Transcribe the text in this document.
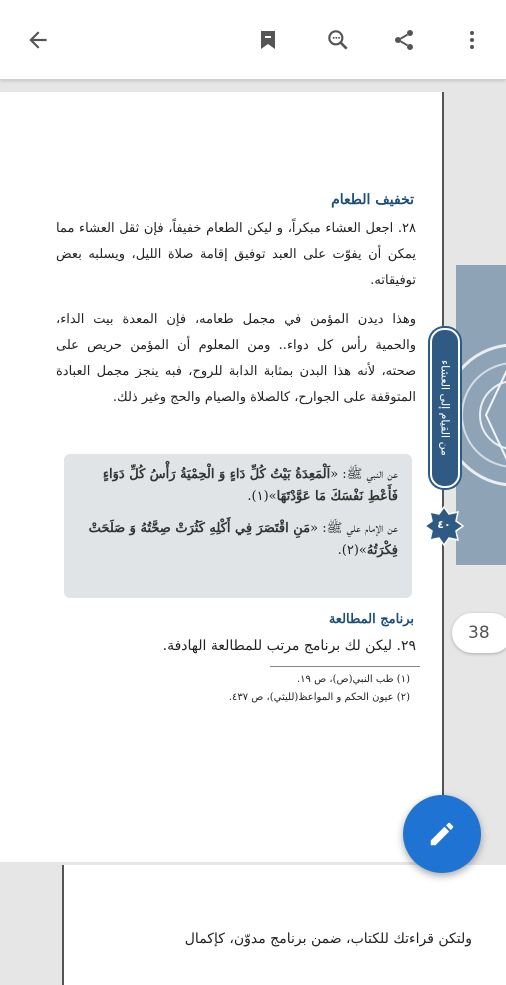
تخفيف الطعام
٢٨. اجعل العشاء مبكراً، و ليكن الطعام خفيفاً، فإن ثقل العشاء مما يمكن أن يفوّت على العبد توفيق إقامة صلاة الليل، ويسلبه بعض توفيقاته.
وهذا ديدن المؤمن في مجمل طعامه، فإن المعدة بيت الداء، والحمية رأس كل دواء.. ومن المعلوم أن المؤمن حريص على صحته، لأنه هذا البدن بمثابة الدابة للروح، فبه ينجز مجمل العبادة المتوقفة على الجوارح، كالصلاة والصيام والحج وغير ذلك.
عن النبي ﷺ: «اَلْمَعِدَةُ بَيْتُ كُلِّ دَاءٍ وَ الْحِمْيَةُ رَأْسُ كُلِّ دَوَاءٍ فَأَعْطِ نَفْسَكَ مَا عَوَّدْتَهَا»(١).
عن الإمام علي ﷺ: «مَنِ اقْتَصَرَ فِي أَكْلِهِ كَثُرَتْ صِحَّتُهُ وَ صَلَحَتْ فِكْرَتُهُ»(٢).
برنامج المطالعة
٢٩. ليكن لك برنامج مرتب للمطالعة الهادفة.
(١) طب النبي(ص)، ص ١٩.
(٢) عيون الحكم و المواعظ(لليثي)، ص ٤٣٧.
من القيام إلى العشاء
٤٠
38
ولتكن قراءتك للكتاب، ضمن برنامج مدوّن، كإكمال
